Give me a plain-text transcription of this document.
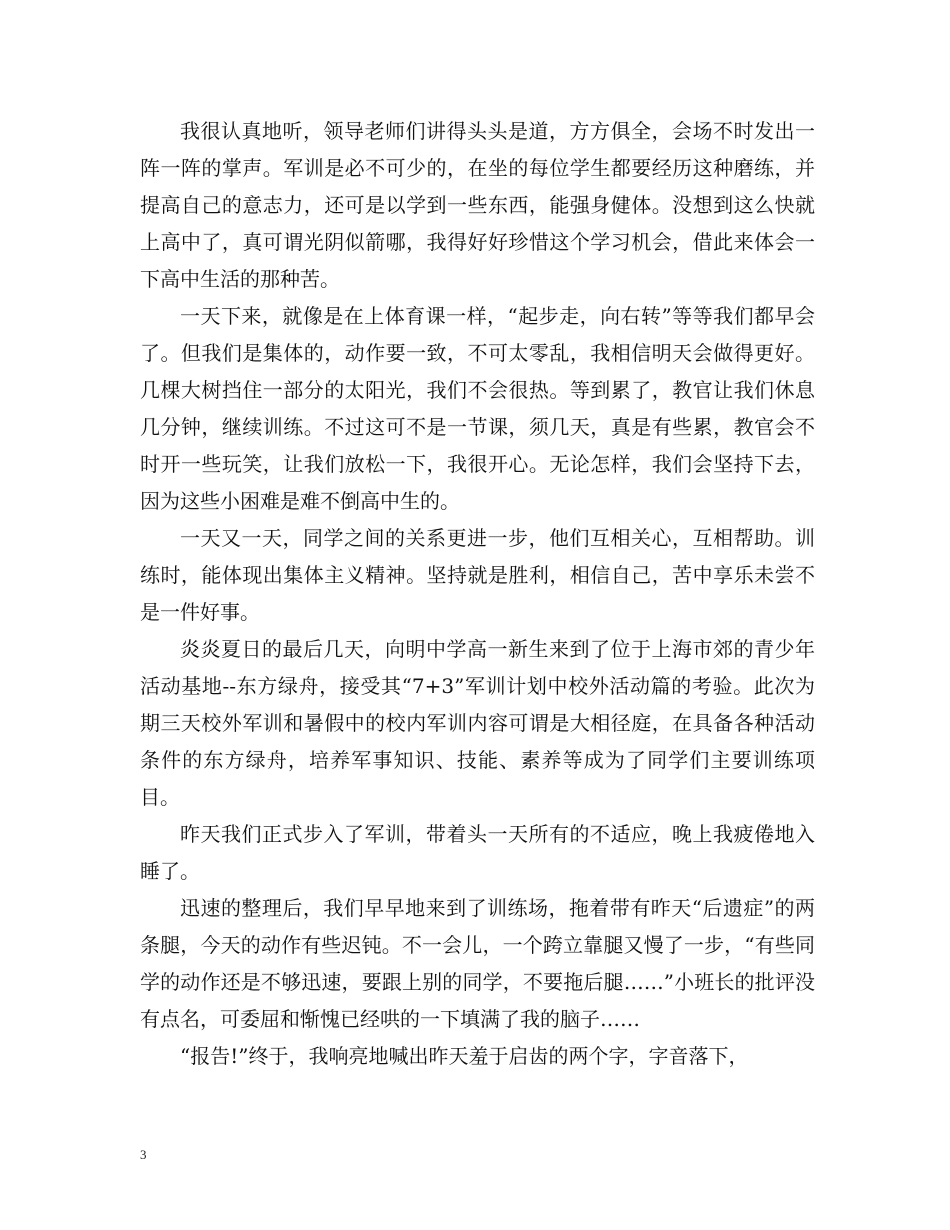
我很认真地听，领导老师们讲得头头是道，方方俱全，会场不时发出一阵一阵的掌声。军训是必不可少的，在坐的每位学生都要经历这种磨练，并提高自己的意志力，还可是以学到一些东西，能强身健体。没想到这么快就上高中了，真可谓光阴似箭哪，我得好好珍惜这个学习机会，借此来体会一下高中生活的那种苦。

一天下来，就像是在上体育课一样，“起步走，向右转”等等我们都早会了。但我们是集体的，动作要一致，不可太零乱，我相信明天会做得更好。几棵大树挡住一部分的太阳光，我们不会很热。等到累了，教官让我们休息几分钟，继续训练。不过这可不是一节课，须几天，真是有些累，教官会不时开一些玩笑，让我们放松一下，我很开心。无论怎样，我们会坚持下去，因为这些小困难是难不倒高中生的。

一天又一天，同学之间的关系更进一步，他们互相关心，互相帮助。训练时，能体现出集体主义精神。坚持就是胜利，相信自己，苦中享乐未尝不是一件好事。

炎炎夏日的最后几天，向明中学高一新生来到了位于上海市郊的青少年活动基地--东方绿舟，接受其“7+3”军训计划中校外活动篇的考验。此次为期三天校外军训和暑假中的校内军训内容可谓是大相径庭，在具备各种活动条件的东方绿舟，培养军事知识、技能、素养等成为了同学们主要训练项目。

昨天我们正式步入了军训，带着头一天所有的不适应，晚上我疲倦地入睡了。

迅速的整理后，我们早早地来到了训练场，拖着带有昨天“后遗症”的两条腿，今天的动作有些迟钝。不一会儿，一个跨立靠腿又慢了一步，“有些同学的动作还是不够迅速，要跟上别的同学，不要拖后腿……”小班长的批评没有点名，可委屈和惭愧已经哄的一下填满了我的脑子……

“报告!”终于，我响亮地喊出昨天羞于启齿的两个字，字音落下，

3
